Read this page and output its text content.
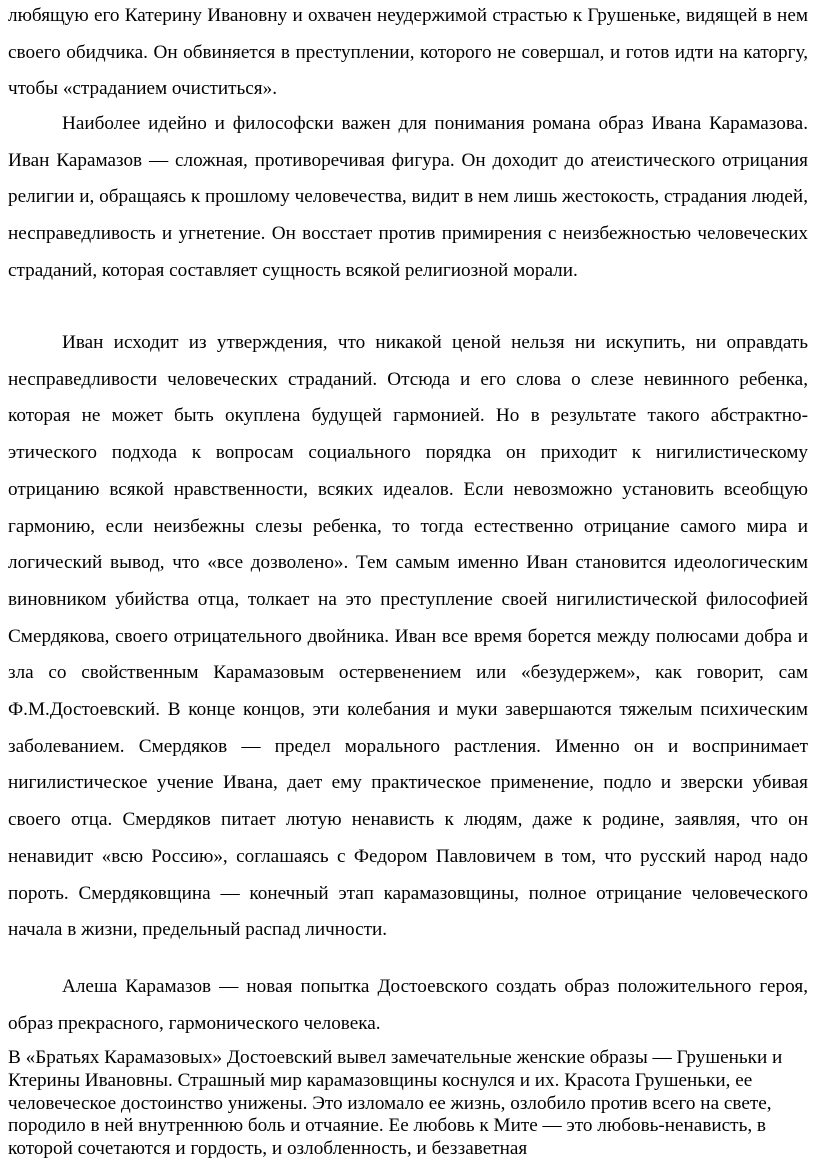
любящую его Катерину Ивановну и охвачен неудержимой страстью к Грушеньке, видящей в нем своего обидчика. Он обвиняется в преступлении, которого не совершал, и готов идти на каторгу, чтобы «страданием очиститься».

Наиболее идейно и философски важен для понимания романа образ Ивана Карамазова. Иван Карамазов — сложная, противоречивая фигура. Он доходит до атеистического отрицания религии и, обращаясь к прошлому человечества, видит в нем лишь жестокость, страдания людей, несправедливость и угнетение. Он восстает против примирения с неизбежностью человеческих страданий, которая составляет сущность всякой религиозной морали.

Иван исходит из утверждения, что никакой ценой нельзя ни искупить, ни оправдать несправедливости человеческих страданий. Отсюда и его слова о слезе невинного ребенка, которая не может быть окуплена будущей гармонией. Но в результате такого абстрактно-этического подхода к вопросам социального порядка он приходит к нигилистическому отрицанию всякой нравственности, всяких идеалов. Если невозможно установить всеобщую гармонию, если неизбежны слезы ребенка, то тогда естественно отрицание самого мира и логический вывод, что «все дозволено». Тем самым именно Иван становится идеологическим виновником убийства отца, толкает на это преступление своей нигилистической философией Смердякова, своего отрицательного двойника. Иван все время борется между полюсами добра и зла со свойственным Карамазовым остервенением или «безудержем», как говорит, сам Ф.М.Достоевский. В конце концов, эти колебания и муки завершаются тяжелым психическим заболеванием. Смердяков — предел морального растления. Именно он и воспринимает нигилистическое учение Ивана, дает ему практическое применение, подло и зверски убивая своего отца. Смердяков питает лютую ненависть к людям, даже к родине, заявляя, что он ненавидит «всю Россию», соглашаясь с Федором Павловичем в том, что русский народ надо пороть. Смердяковщина — конечный этап карамазовщины, полное отрицание человеческого начала в жизни, предельный распад личности.

Алеша Карамазов — новая попытка Достоевского создать образ положительного героя, образ прекрасного, гармонического человека.

В «Братьях Карамазовых» Достоевский вывел замечательные женские образы — Грушеньки и Ктерины Ивановны. Страшный мир карамазовщины коснулся и их. Красота Грушеньки, ее человеческое достоинство унижены. Это изломало ее жизнь, озлобило против всего на свете, породило в ней внутреннюю боль и отчаяние. Ее любовь к Мите — это любовь-ненависть, в которой сочетаются и гордость, и озлобленность, и беззаветная
